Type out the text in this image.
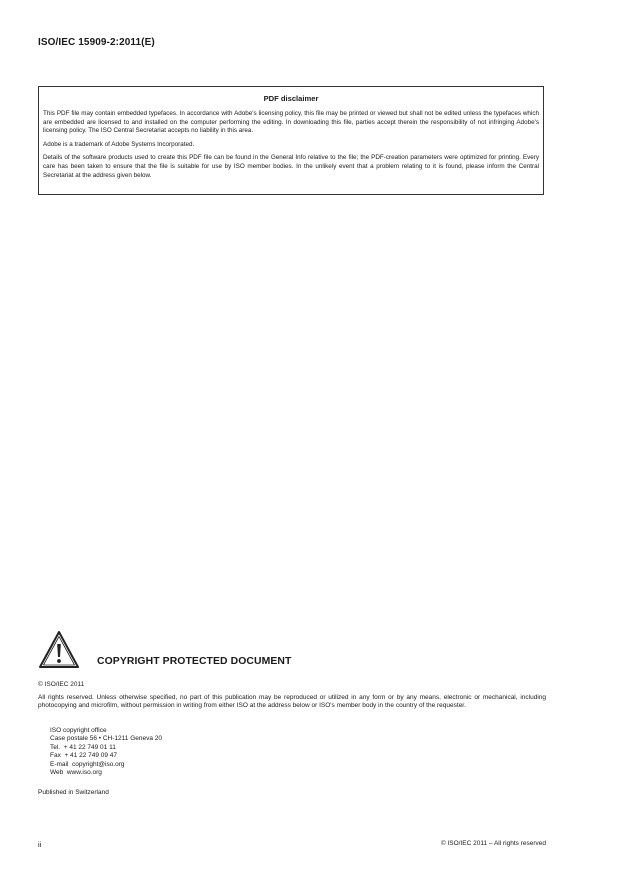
ISO/IEC 15909-2:2011(E)
PDF disclaimer

This PDF file may contain embedded typefaces. In accordance with Adobe's licensing policy, this file may be printed or viewed but shall not be edited unless the typefaces which are embedded are licensed to and installed on the computer performing the editing. In downloading this file, parties accept therein the responsibility of not infringing Adobe's licensing policy. The ISO Central Secretariat accepts no liability in this area.

Adobe is a trademark of Adobe Systems Incorporated.

Details of the software products used to create this PDF file can be found in the General Info relative to the file; the PDF-creation parameters were optimized for printing. Every care has been taken to ensure that the file is suitable for use by ISO member bodies. In the unlikely event that a problem relating to it is found, please inform the Central Secretariat at the address given below.

COPYRIGHT PROTECTED DOCUMENT
© ISO/IEC 2011
All rights reserved. Unless otherwise specified, no part of this publication may be reproduced or utilized in any form or by any means, electronic or mechanical, including photocopying and microfilm, without permission in writing from either ISO at the address below or ISO's member body in the country of the requester.
ISO copyright office
Case postale 56 • CH-1211 Geneva 20
Tel.  + 41 22 749 01 11
Fax  + 41 22 749 09 47
E-mail  copyright@iso.org
Web  www.iso.org
Published in Switzerland
ii	© ISO/IEC 2011 – All rights reserved
